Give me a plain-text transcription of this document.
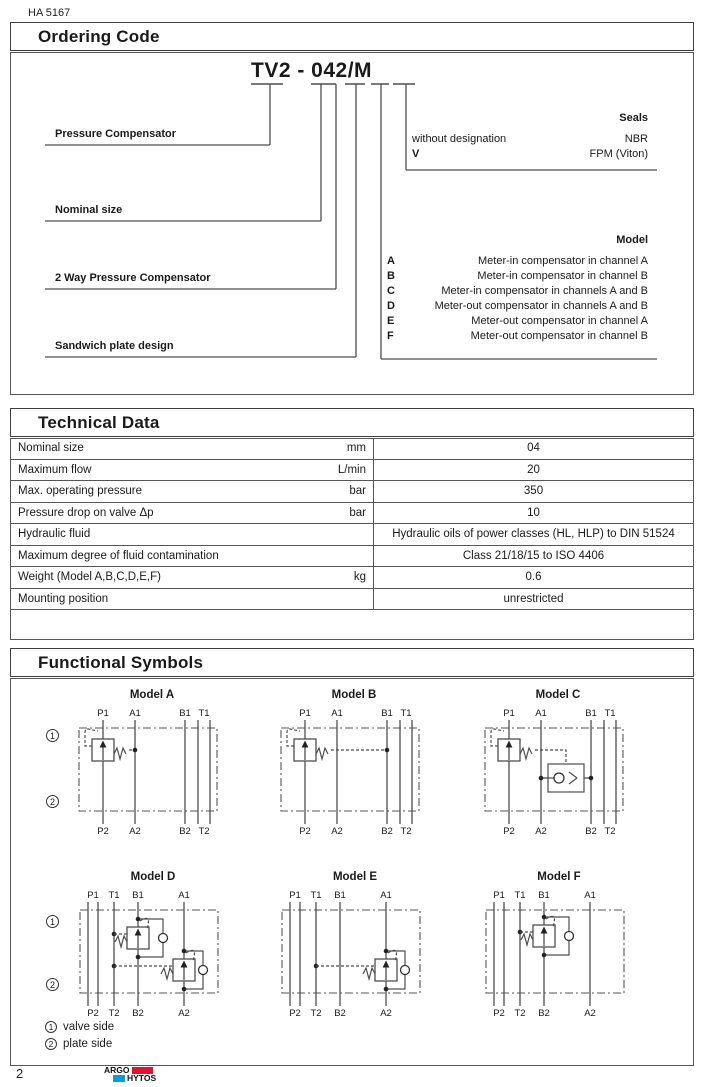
HA 5167
Ordering Code
TV2 - 042/M
Pressure Compensator
Nominal size
2 Way Pressure Compensator
Sandwich plate design
Seals
without designation	NBR
V	FPM (Viton)
Model
A	Meter-in compensator in channel A
B	Meter-in compensator in channel B
C	Meter-in compensator in channels A and B
D	Meter-out compensator in channels A and B
E	Meter-out compensator in channel A
F	Meter-out compensator in channel B
Technical Data
Nominal size	mm	04
Maximum flow	L/min	20
Max. operating pressure	bar	350
Pressure drop on valve Δp	bar	10
Hydraulic fluid	Hydraulic oils of power classes (HL, HLP) to DIN 51524
Maximum degree of fluid contamination	Class 21/18/15 to ISO 4406
Weight (Model A,B,C,D,E,F)	kg	0.6
Mounting position	unrestricted
Functional Symbols
Model A
P1 A1	B1 T1
P2 A2	B2 T2
Model B
P1 A1	B1 T1
P2 A2	B2 T2
Model C
P1 A1	B1 T1
P2 A2	B2 T2
Model D
P1 T1 B1	A1
P2 T2 B2	A2
Model E
P1 T1 B1	A1
P2 T2 B2	A2
Model F
P1 T1 B1	A1
P2 T2 B2	A2
1
2
1
2
1 valve side
2 plate side
2	ARGO
HYTOS
